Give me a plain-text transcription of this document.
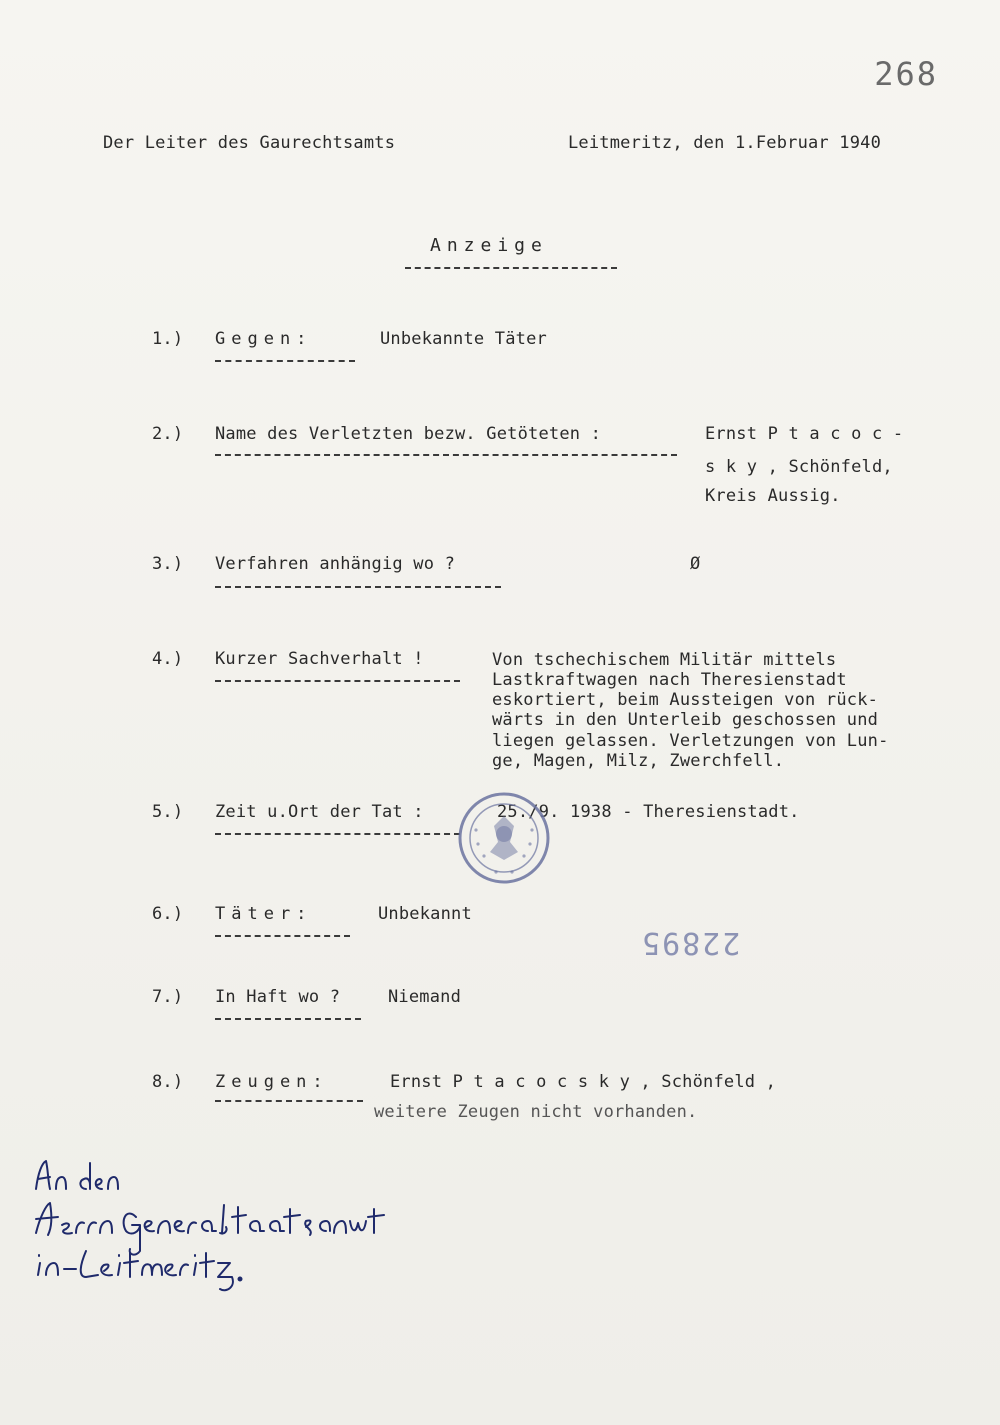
268
Der Leiter des Gaurechtsamts	Leitmeritz, den 1.Februar 1940
Anzeige
1.) Gegen:	Unbekannte Täter
2.) Name des Verletzten bezw. Getöteten :	Ernst P t a c o c -
s k y , Schönfeld,
Kreis Aussig.
3.) Verfahren anhängig wo ?	Ø
4.) Kurzer Sachverhalt !	Von tschechischem Militär mittels
Lastkraftwagen nach Theresienstadt
eskortiert, beim Aussteigen von rück-
wärts in den Unterleib geschossen und
liegen gelassen. Verletzungen von Lun-
ge, Magen, Milz, Zwerchfell.
5.) Zeit u.Ort der Tat :	25./9. 1938 - Theresienstadt.
6.) Täter:	Unbekannt
22895
7.) In Haft wo ?	Niemand
8.) Zeugen:	Ernst P t a c o c s k y , Schönfeld ,
weitere Zeugen nicht vorhanden.
